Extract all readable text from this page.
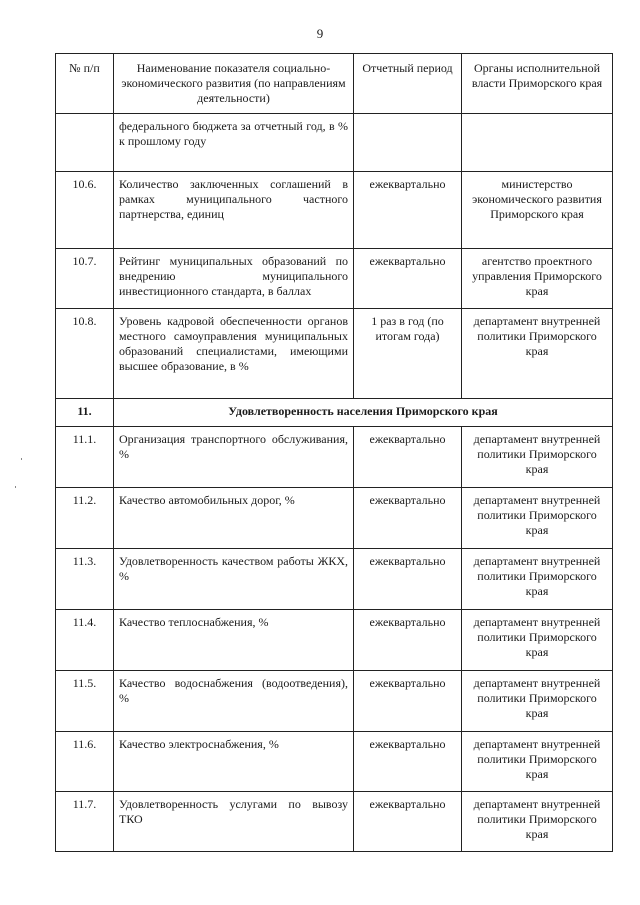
9
№ п/п	Наименование показателя социально-экономического развития (по направлениям деятельности)	Отчетный период	Органы исполнительной власти Приморского края
	федерального бюджета за отчетный год, в % к прошлому году		
10.6.	Количество заключенных соглашений в рамках муниципального частного партнерства, единиц	ежеквартально	министерство экономического развития Приморского края
10.7.	Рейтинг муниципальных образований по внедрению муниципального инвестиционного стандарта, в баллах	ежеквартально	агентство проектного управления Приморского края
10.8.	Уровень кадровой обеспеченности органов местного самоуправления муниципальных образований специалистами, имеющими высшее образование, в %	1 раз в год (по итогам года)	департамент внутренней политики Приморского края
11.	Удовлетворенность населения Приморского края		
11.1.	Организация транспортного обслуживания, %	ежеквартально	департамент внутренней политики Приморского края
11.2.	Качество автомобильных дорог, %	ежеквартально	департамент внутренней политики Приморского края
11.3.	Удовлетворенность качеством работы ЖКХ, %	ежеквартально	департамент внутренней политики Приморского края
11.4.	Качество теплоснабжения, %	ежеквартально	департамент внутренней политики Приморского края
11.5.	Качество водоснабжения (водоотведения), %	ежеквартально	департамент внутренней политики Приморского края
11.6.	Качество электроснабжения, %	ежеквартально	департамент внутренней политики Приморского края
11.7.	Удовлетворенность услугами по вывозу ТКО	ежеквартально	департамент внутренней политики Приморского края
